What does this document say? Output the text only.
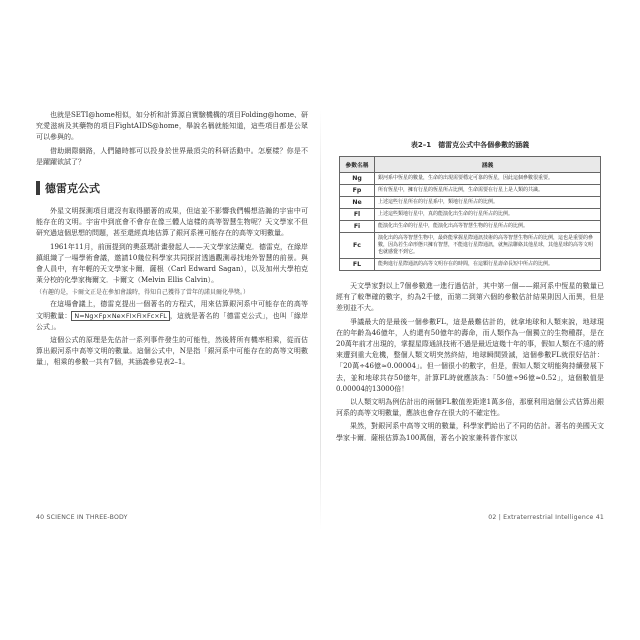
也就是SETI@home相似，如分析和計算源自實驗機構的項目Folding@home、研究愛滋病及其藥物的項目FightAIDS@home，舉說名稱就能知道，這些項目都是公眾可以參與的。

借助網際網路，人們隨時都可以投身於世界最頂尖的科研活動中。怎麼樣？你是不是躍躍欲試了？

德雷克公式

外星文明探測項目還沒有取得顯著的成果，但這並不影響我們暢想浩瀚的宇宙中可能存在的文明。宇宙中到底會不會存在像三體人這樣的高等智慧生物呢？天文學家不但研究過這個思想的問題，甚至還經真地估算了銀河系裡可能存在的高等文明數量。

1961年11月，前面提到的奧茲瑪計畫發起人——天文學家法蘭克．德雷克，在綠岸鎮組織了一場學術會議，邀請10幾位科學家共同探討透過觀測尋找地外智慧的前景。與會人員中，有年輕的天文學家卡爾．薩根（Carl Edward Sagan），以及加州大學柏克萊分校的化學家梅爾文．卡爾文（Melvin Ellis Calvin）。

（有趣的是，卡爾文正是在參加會議時，得知自己獲得了當年的諾貝爾化學獎。）

在這場會議上，德雷克提出一個著名的方程式，用來估算銀河系中可能存在的高等文明數量： N=Ng×Fp×Ne×Fl×Fi×Fc×FL ，這就是著名的「德雷克公式」，也叫「綠岸公式」。

這個公式的原理是先估計一系列事件發生的可能性，然後將所有機率相乘，從而估算出銀河系中高等文明的數量。這個公式中，N是指「銀河系中可能存在的高等文明數量」，相乘的參數一共有7個，其涵義參見表2–1。

40 SCIENCE IN THREE-BODY
表2–1　德雷克公式中各個參數的涵義
參數名稱	涵義
Ng	銀河系中恆星的數量，生命的出現需要穩定可靠的恆星，因此這個參數很重要。
Fp	所有恆星中，擁有行星的恆星所占比例，生命需要在行星上是人類的共識。
Ne	上述這些行星所在的行星系中，類地行星所占的比例。
Fl	上述這些類地行星中，真的能演化出生命的行星所占的比例。
Fi	能演化出生命的行星中，能演化出高等智慧生物的行星所占的比例。
Fc	演化出的高等智慧生物中，最終能掌握星際通訊技術的高等智慧生物所占的比例，這也是重要的參數，因為若生命形態只擁有智慧，不能進行星際通訊，就無法聯絡其他星球，其他星球的高等文明也就感覺不到它。
FL	能夠進行星際通訊的高等文明存在的時間，在這顆行星壽命長短中所占的比例。

天文學家對以上7個參數進一進行過估計，其中第一個——銀河系中恆星的數量已經有了較準確的數字，約為2千億，而第二到第六個的參數估計結果則因人而異，但是差別並不大。

爭議最大的是最後一個參數FL，這是最難估計的，就拿地球和人類來說，地球現在的年齡為46億年，人約還有50億年的壽命，而人類作為一個獨立的生物種群，是在20萬年前才出現的，掌握星際通訊技術不過是最近這幾十年的事，假如人類在不遠的將來遭到重大危機，整個人類文明突然終結，地球瞬間毀滅，這個參數FL就很好估計：「20萬÷46億≈0.00004」。但一個很小的數字，但是，假如人類文明能夠持續發展下去，並和地球共存50億年，計算FL時就應該為：「50億÷96億≈0.52」，這個數值是0.00004的13000倍！

以人類文明為例估計出的兩個FL數值差距達1萬多倍，那麼利用這個公式估算出銀河系的高等文明數量，應該也會存在很大的不確定性。

果然，對銀河系中高等文明的數量，科學家們給出了不同的估計。著名的美國天文學家卡爾．薩根估算為100萬個，著名小說家兼科普作家以

02 | Extraterrestrial Intelligence 41
